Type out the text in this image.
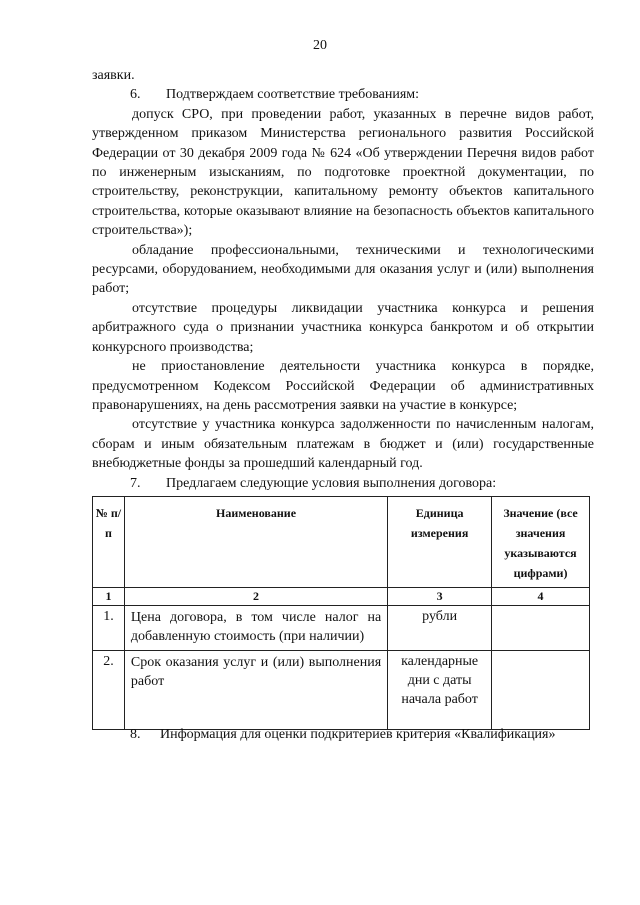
20

заявки.

6. Подтверждаем соответствие требованиям:

допуск СРО, при проведении работ, указанных в перечне видов работ, утвержденном приказом Министерства регионального развития Российской Федерации от 30 декабря 2009 года № 624 «Об утверждении Перечня видов работ по инженерным изысканиям, по подготовке проектной документации, по строительству, реконструкции, капитальному ремонту объектов капитального строительства, которые оказывают влияние на безопасность объектов капитального строительства»);

обладание профессиональными, техническими и технологическими ресурсами, оборудованием, необходимыми для оказания услуг и (или) выполнения работ;

отсутствие процедуры ликвидации участника конкурса и решения арбитражного суда о признании участника конкурса банкротом и об открытии конкурсного производства;

не приостановление деятельности участника конкурса в порядке, предусмотренном Кодексом Российской Федерации об административных правонарушениях, на день рассмотрения заявки на участие в конкурсе;

отсутствие у участника конкурса задолженности по начисленным налогам, сборам и иным обязательным платежам в бюджет и (или) государственные внебюджетные фонды за прошедший календарный год.

7. Предлагаем следующие условия выполнения договора:

№ п/п	Наименование	Единица измерения	Значение (все значения указываются цифрами)
1	2	3	4
1.	Цена договора, в том числе налог на добавленную стоимость (при наличии)	рубли	
2.	Срок оказания услуг и (или) выполнения работ	календарные дни с даты начала работ	
8. Информация для оценки подкритериев критерия «Квалификация»
